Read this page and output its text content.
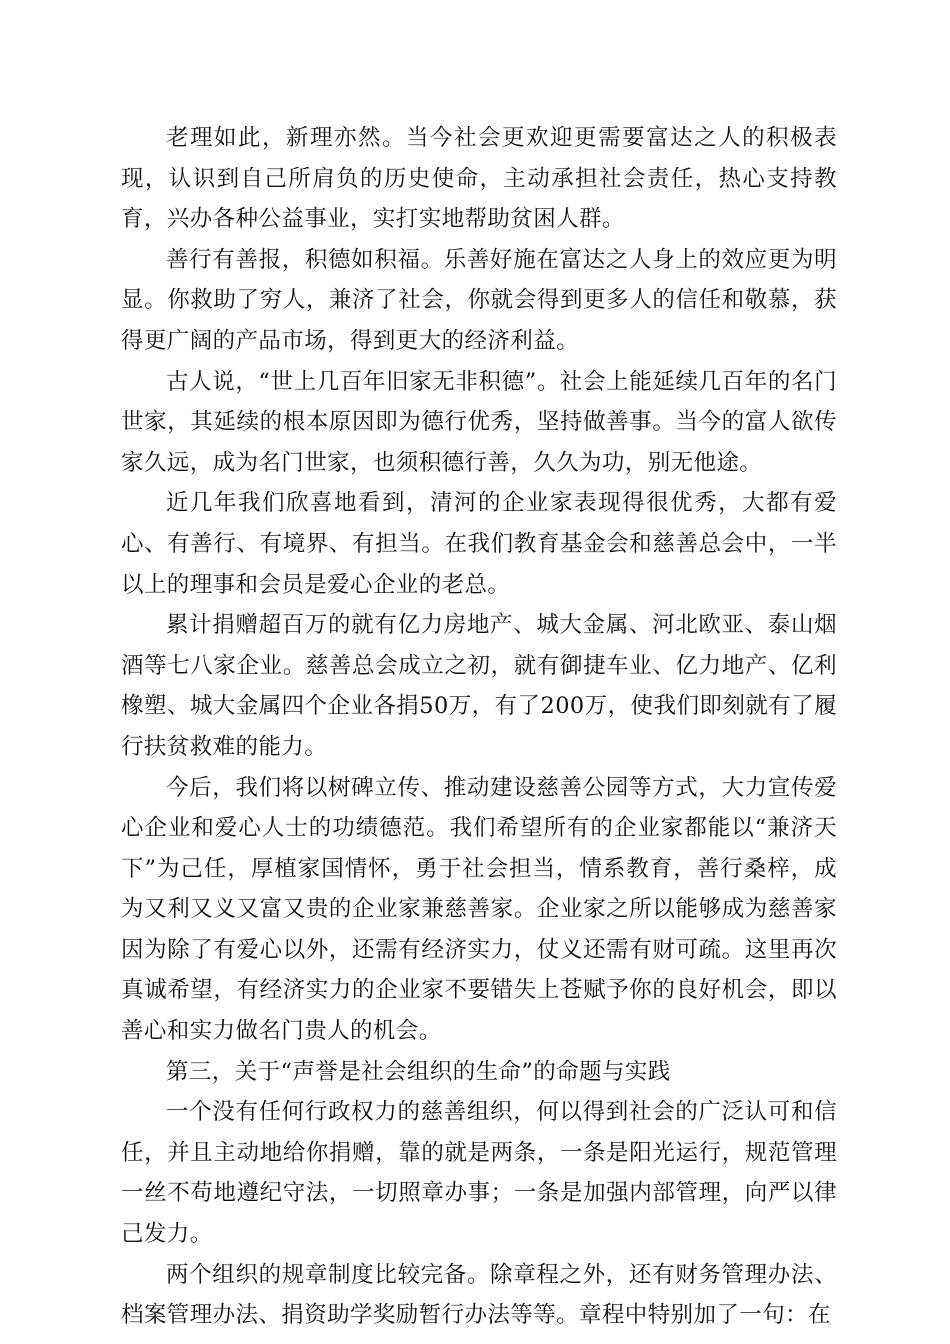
老理如此，新理亦然。当今社会更欢迎更需要富达之人的积极表现，认识到自己所肩负的历史使命，主动承担社会责任，热心支持教育，兴办各种公益事业，实打实地帮助贫困人群。

善行有善报，积德如积福。乐善好施在富达之人身上的效应更为明显。你救助了穷人，兼济了社会，你就会得到更多人的信任和敬慕，获得更广阔的产品市场，得到更大的经济利益。

古人说，“世上几百年旧家无非积德”。社会上能延续几百年的名门世家，其延续的根本原因即为德行优秀，坚持做善事。当今的富人欲传家久远，成为名门世家，也须积德行善，久久为功，别无他途。

近几年我们欣喜地看到，清河的企业家表现得很优秀，大都有爱心、有善行、有境界、有担当。在我们教育基金会和慈善总会中，一半以上的理事和会员是爱心企业的老总。

累计捐赠超百万的就有亿力房地产、城大金属、河北欧亚、泰山烟酒等七八家企业。慈善总会成立之初，就有御捷车业、亿力地产、亿利橡塑、城大金属四个企业各捐50万，有了200万，使我们即刻就有了履行扶贫救难的能力。

今后，我们将以树碑立传、推动建设慈善公园等方式，大力宣传爱心企业和爱心人士的功绩德范。我们希望所有的企业家都能以“兼济天下”为己任，厚植家国情怀，勇于社会担当，情系教育，善行桑梓，成为又利又义又富又贵的企业家兼慈善家。企业家之所以能够成为慈善家因为除了有爱心以外，还需有经济实力，仗义还需有财可疏。这里再次真诚希望，有经济实力的企业家不要错失上苍赋予你的良好机会，即以善心和实力做名门贵人的机会。

第三，关于“声誉是社会组织的生命”的命题与实践

一个没有任何行政权力的慈善组织，何以得到社会的广泛认可和信任，并且主动地给你捐赠，靠的就是两条，一条是阳光运行，规范管理一丝不苟地遵纪守法，一切照章办事；一条是加强内部管理，向严以律己发力。

两个组织的规章制度比较完备。除章程之外，还有财务管理办法、档案管理办法、捐资助学奖励暂行办法等等。章程中特别加了一句：在
